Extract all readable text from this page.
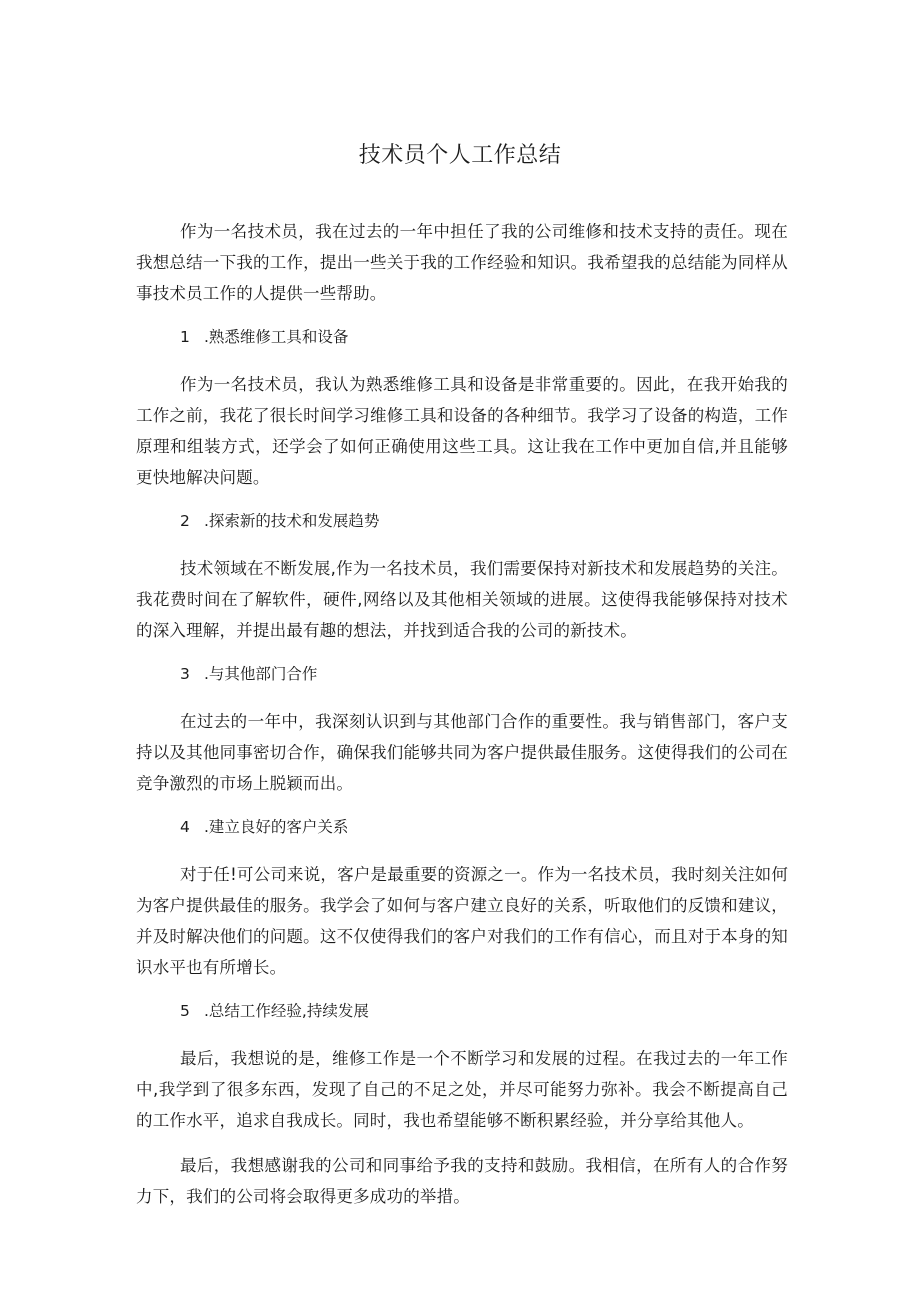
技术员个人工作总结

作为一名技术员，我在过去的一年中担任了我的公司维修和技术支持的责任。现在我想总结一下我的工作，提出一些关于我的工作经验和知识。我希望我的总结能为同样从事技术员工作的人提供一些帮助。

1 .熟悉维修工具和设备

作为一名技术员，我认为熟悉维修工具和设备是非常重要的。因此，在我开始我的工作之前，我花了很长时间学习维修工具和设备的各种细节。我学习了设备的构造，工作原理和组装方式，还学会了如何正确使用这些工具。这让我在工作中更加自信,并且能够更快地解决问题。

2 .探索新的技术和发展趋势

技术领域在不断发展,作为一名技术员，我们需要保持对新技术和发展趋势的关注。我花费时间在了解软件，硬件,网络以及其他相关领域的进展。这使得我能够保持对技术的深入理解，并提出最有趣的想法，并找到适合我的公司的新技术。

3 .与其他部门合作

在过去的一年中，我深刻认识到与其他部门合作的重要性。我与销售部门，客户支持以及其他同事密切合作，确保我们能够共同为客户提供最佳服务。这使得我们的公司在竞争激烈的市场上脱颖而出。

4 .建立良好的客户关系

对于任!可公司来说，客户是最重要的资源之一。作为一名技术员，我时刻关注如何为客户提供最佳的服务。我学会了如何与客户建立良好的关系，听取他们的反馈和建议，并及时解决他们的问题。这不仅使得我们的客户对我们的工作有信心，而且对于本身的知识水平也有所增长。

5 .总结工作经验,持续发展

最后，我想说的是，维修工作是一个不断学习和发展的过程。在我过去的一年工作中,我学到了很多东西，发现了自己的不足之处，并尽可能努力弥补。我会不断提高自己的工作水平，追求自我成长。同时，我也希望能够不断积累经验，并分享给其他人。

最后，我想感谢我的公司和同事给予我的支持和鼓励。我相信，在所有人的合作努力下，我们的公司将会取得更多成功的举措。
